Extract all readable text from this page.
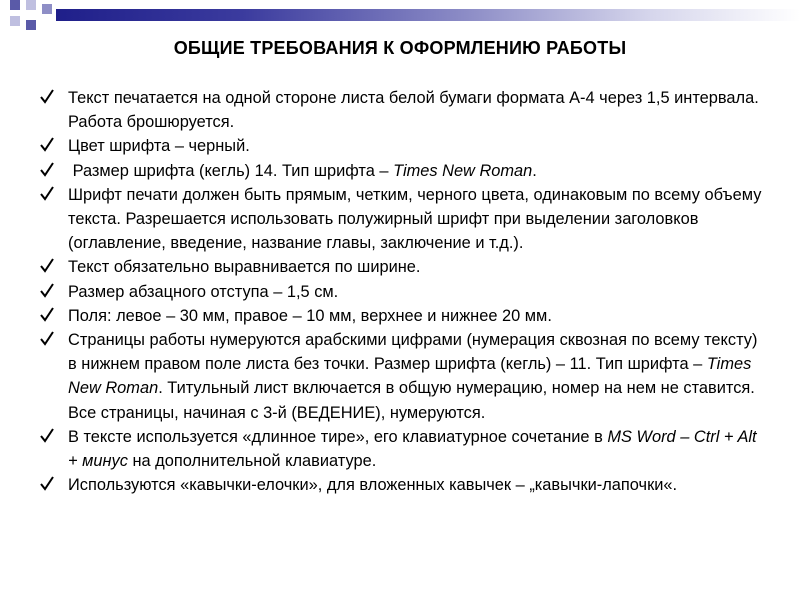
ОБЩИЕ ТРЕБОВАНИЯ К ОФОРМЛЕНИЮ РАБОТЫ
Текст печатается на одной стороне листа белой бумаги формата А-4 через 1,5 интервала. Работа брошюруется.
Цвет шрифта – черный.
Размер шрифта (кегль) 14. Тип шрифта – Times New Roman.
Шрифт печати должен быть прямым, четким, черного цвета, одинаковым по всему объему текста. Разрешается использовать полужирный шрифт при выделении заголовков (оглавление, введение, название главы, заключение и т.д.).
Текст обязательно выравнивается по ширине.
Размер абзацного отступа – 1,5 см.
Поля: левое – 30 мм, правое – 10 мм, верхнее и нижнее 20 мм.
Страницы работы нумеруются арабскими цифрами (нумерация сквозная по всему тексту) в нижнем правом поле листа без точки. Размер шрифта (кегль) – 11. Тип шрифта – Times New Roman. Титульный лист включается в общую нумерацию, номер на нем не ставится. Все страницы, начиная с 3-й (ВЕДЕНИЕ), нумеруются.
В тексте используется «длинное тире», его клавиатурное сочетание в MS Word – Ctrl + Alt + минус на дополнительной клавиатуре.
Используются «кавычки-елочки», для вложенных кавычек – „кавычки-лапочки«.
